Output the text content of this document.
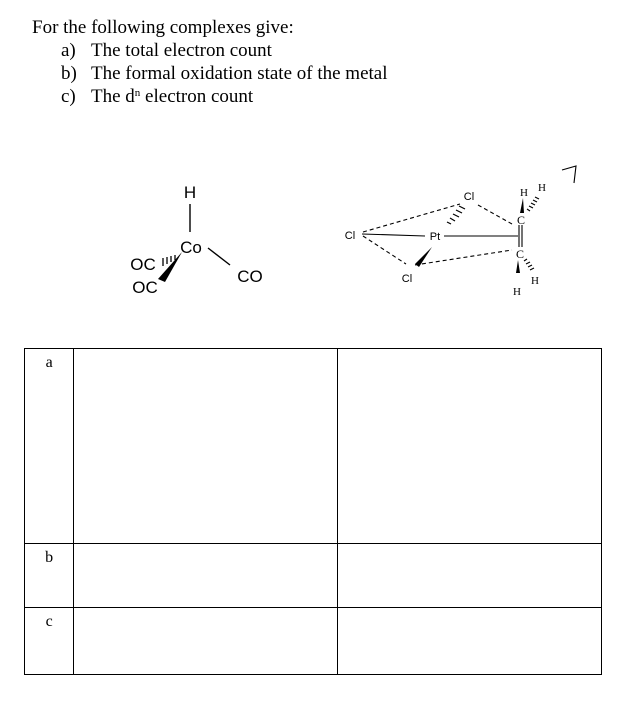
For the following complexes give:
a) The total electron count
b) The formal oxidation state of the metal
c) The $d^n$ electron count
H
Co
OC
OC
CO
Cl
Cl
Cl
Pt
C
C
H H
H
H
a		
b		
c		
